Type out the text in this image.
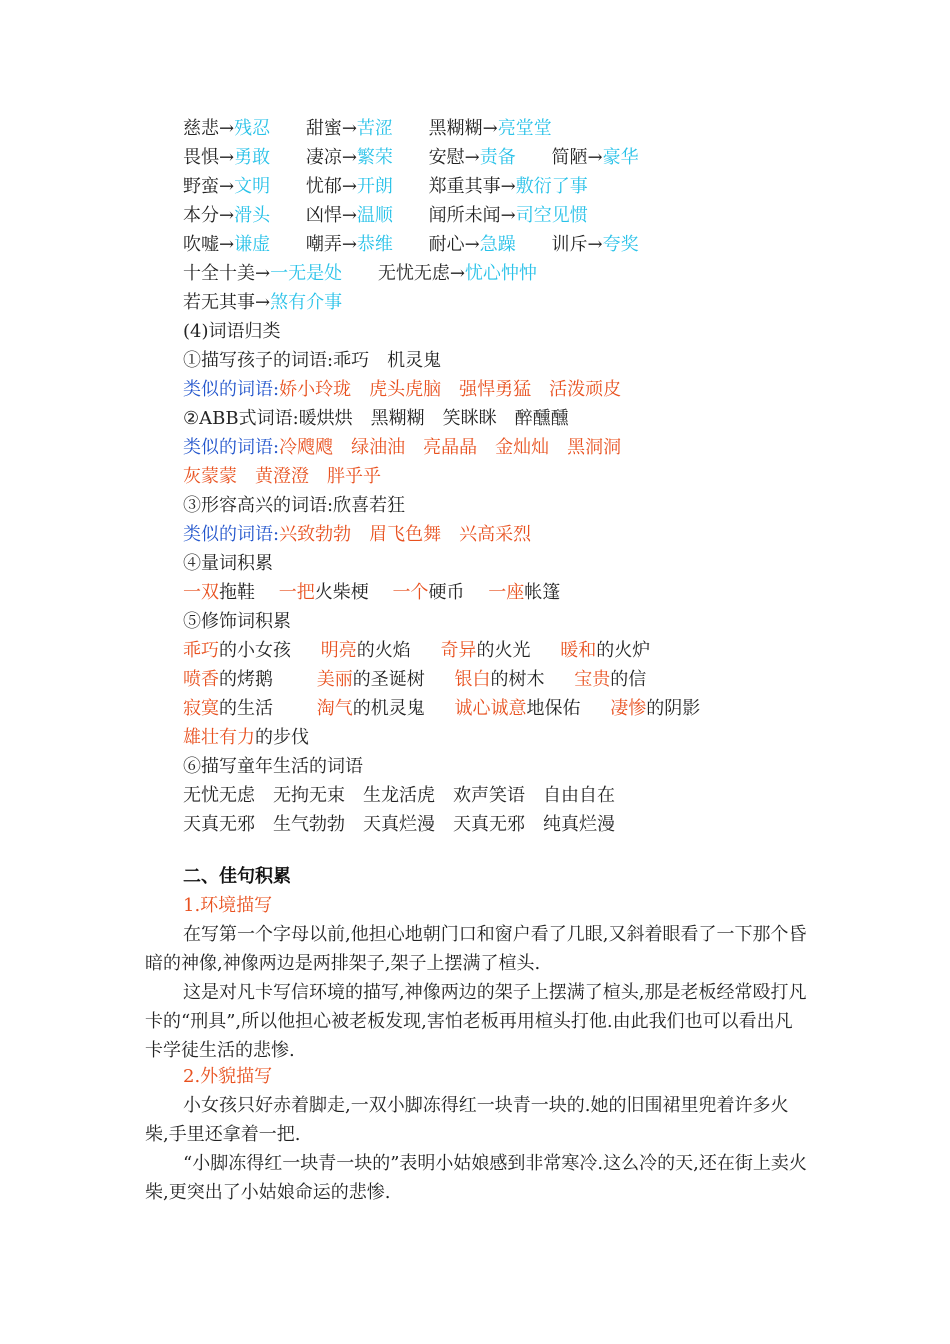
慈悲→残忍 甜蜜→苦涩 黑糊糊→亮堂堂
畏惧→勇敢 凄凉→繁荣 安慰→责备 简陋→豪华
野蛮→文明 忧郁→开朗 郑重其事→敷衍了事
本分→滑头 凶悍→温顺 闻所未闻→司空见惯
吹嘘→谦虚 嘲弄→恭维 耐心→急躁 训斥→夸奖
十全十美→一无是处 无忧无虑→忧心忡忡
若无其事→煞有介事
(4)词语归类
①描写孩子的词语:乖巧　机灵鬼
类似的词语:娇小玲珑 虎头虎脑 强悍勇猛 活泼顽皮
②ABB式词语:暖烘烘　黑糊糊　笑眯眯　醉醺醺
类似的词语:冷飕飕 绿油油 亮晶晶 金灿灿 黑洞洞
灰蒙蒙 黄澄澄 胖乎乎
③形容高兴的词语:欣喜若狂
类似的词语:兴致勃勃 眉飞色舞 兴高采烈
④量词积累
一双拖鞋 一把火柴梗 一个硬币 一座帐篷
⑤修饰词积累
乖巧的小女孩 明亮的火焰 奇异的火光 暖和的火炉
喷香的烤鹅 美丽的圣诞树 银白的树木 宝贵的信
寂寞的生活 淘气的机灵鬼 诚心诚意地保佑 凄惨的阴影
雄壮有力的步伐
⑥描写童年生活的词语
无忧无虑 无拘无束 生龙活虎 欢声笑语 自由自在
天真无邪 生气勃勃 天真烂漫 天真无邪 纯真烂漫
二、佳句积累
1.环境描写

在写第一个字母以前,他担心地朝门口和窗户看了几眼,又斜着眼看了一下那个昏暗的神像,神像两边是两排架子,架子上摆满了楦头.

这是对凡卡写信环境的描写,神像两边的架子上摆满了楦头,那是老板经常殴打凡卡的“刑具”,所以他担心被老板发现,害怕老板再用楦头打他.由此我们也可以看出凡卡学徒生活的悲惨.

2.外貌描写

小女孩只好赤着脚走,一双小脚冻得红一块青一块的.她的旧围裙里兜着许多火柴,手里还拿着一把.

“小脚冻得红一块青一块的”表明小姑娘感到非常寒冷.这么冷的天,还在街上卖火柴,更突出了小姑娘命运的悲惨.
